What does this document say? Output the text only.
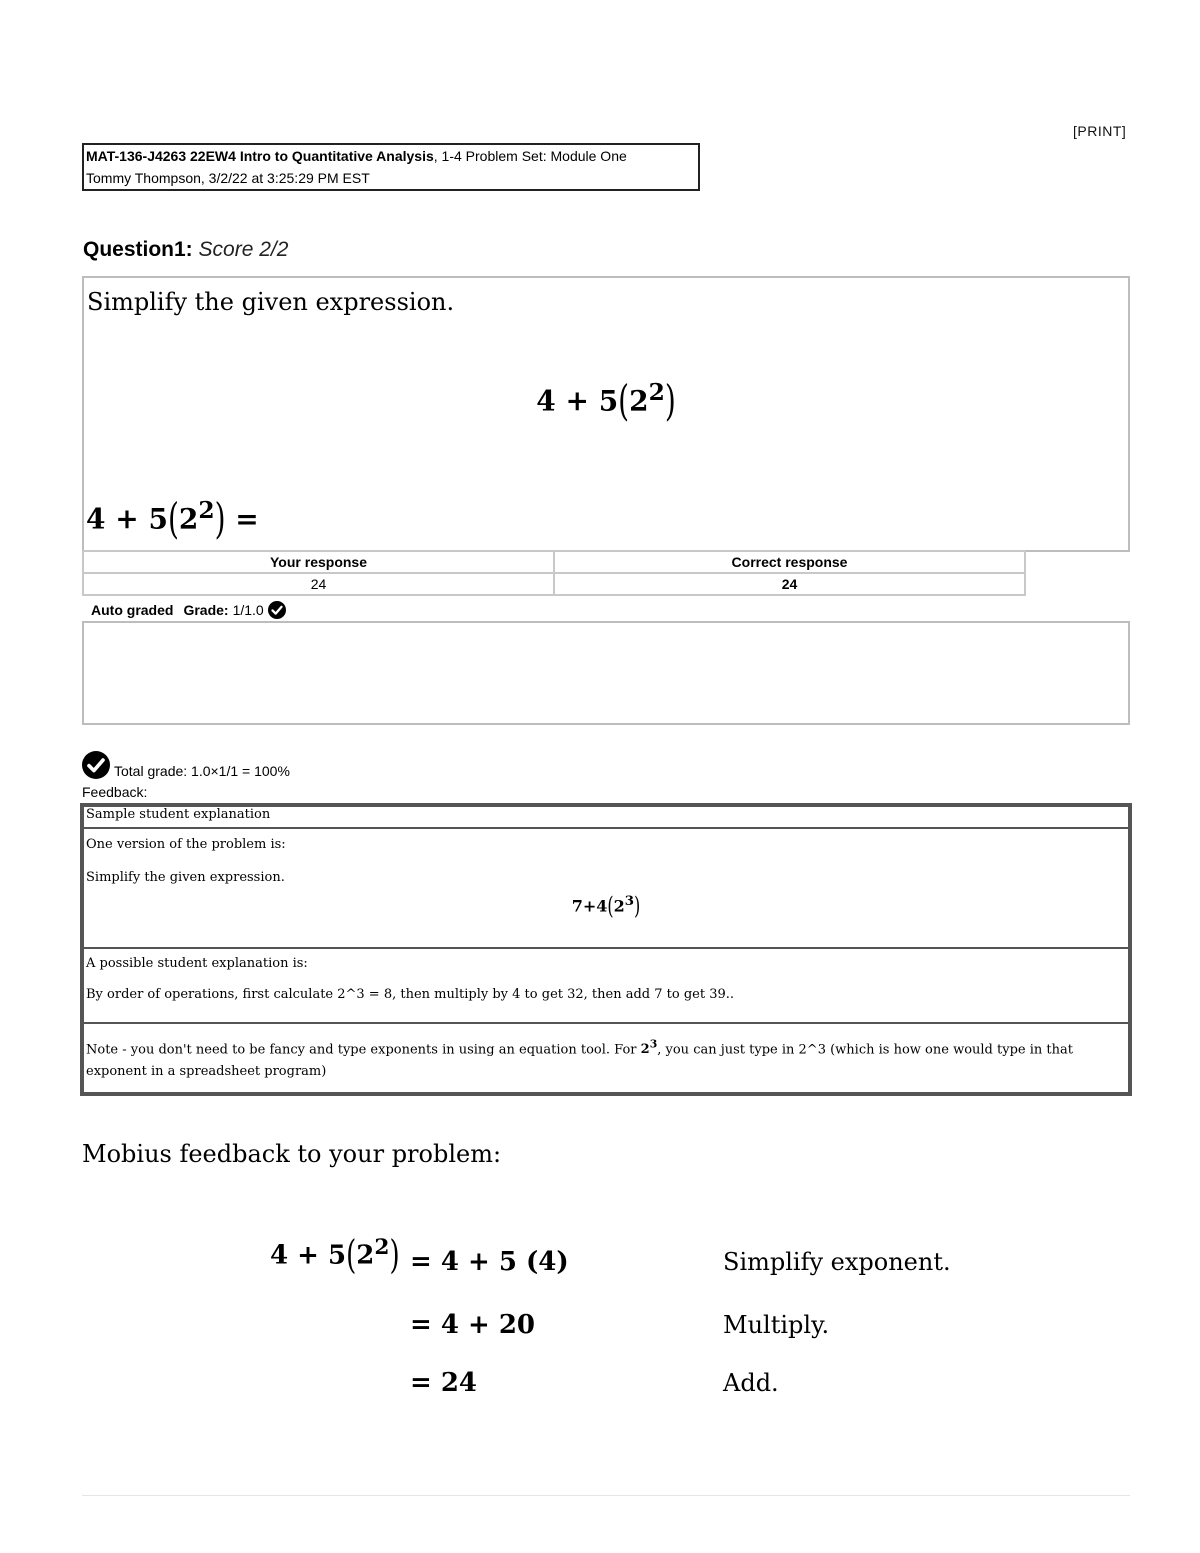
[PRINT]
MAT-136-J4263 22EW4 Intro to Quantitative Analysis, 1-4 Problem Set: Module One
Tommy Thompson, 3/2/22 at 3:25:29 PM EST
Question1: Score 2/2
Simplify the given expression.
$4 + 5(2^2)$
$4 + 5(2^2)$ =
Your response	Correct response
24	24
Auto graded Grade: 1/1.0
Total grade: 1.0×1/1 = 100%
Feedback:
Sample student explanation

One version of the problem is:

Simplify the given expression.

$7+4(2^3)$

A possible student explanation is:

By order of operations, first calculate 2^3 = 8, then multiply by 4 to get 32, then add 7 to get 39..

Note - you don't need to be fancy and type exponents in using an equation tool. For $2^3$, you can just type in 2^3 (which is how one would type in that exponent in a spreadsheet program)
Mobius feedback to your problem:
$4 + 5(2^2) = 4 + 5$ (4)	Simplify exponent.
= 4 + 20	Multiply.
= 24	Add.
